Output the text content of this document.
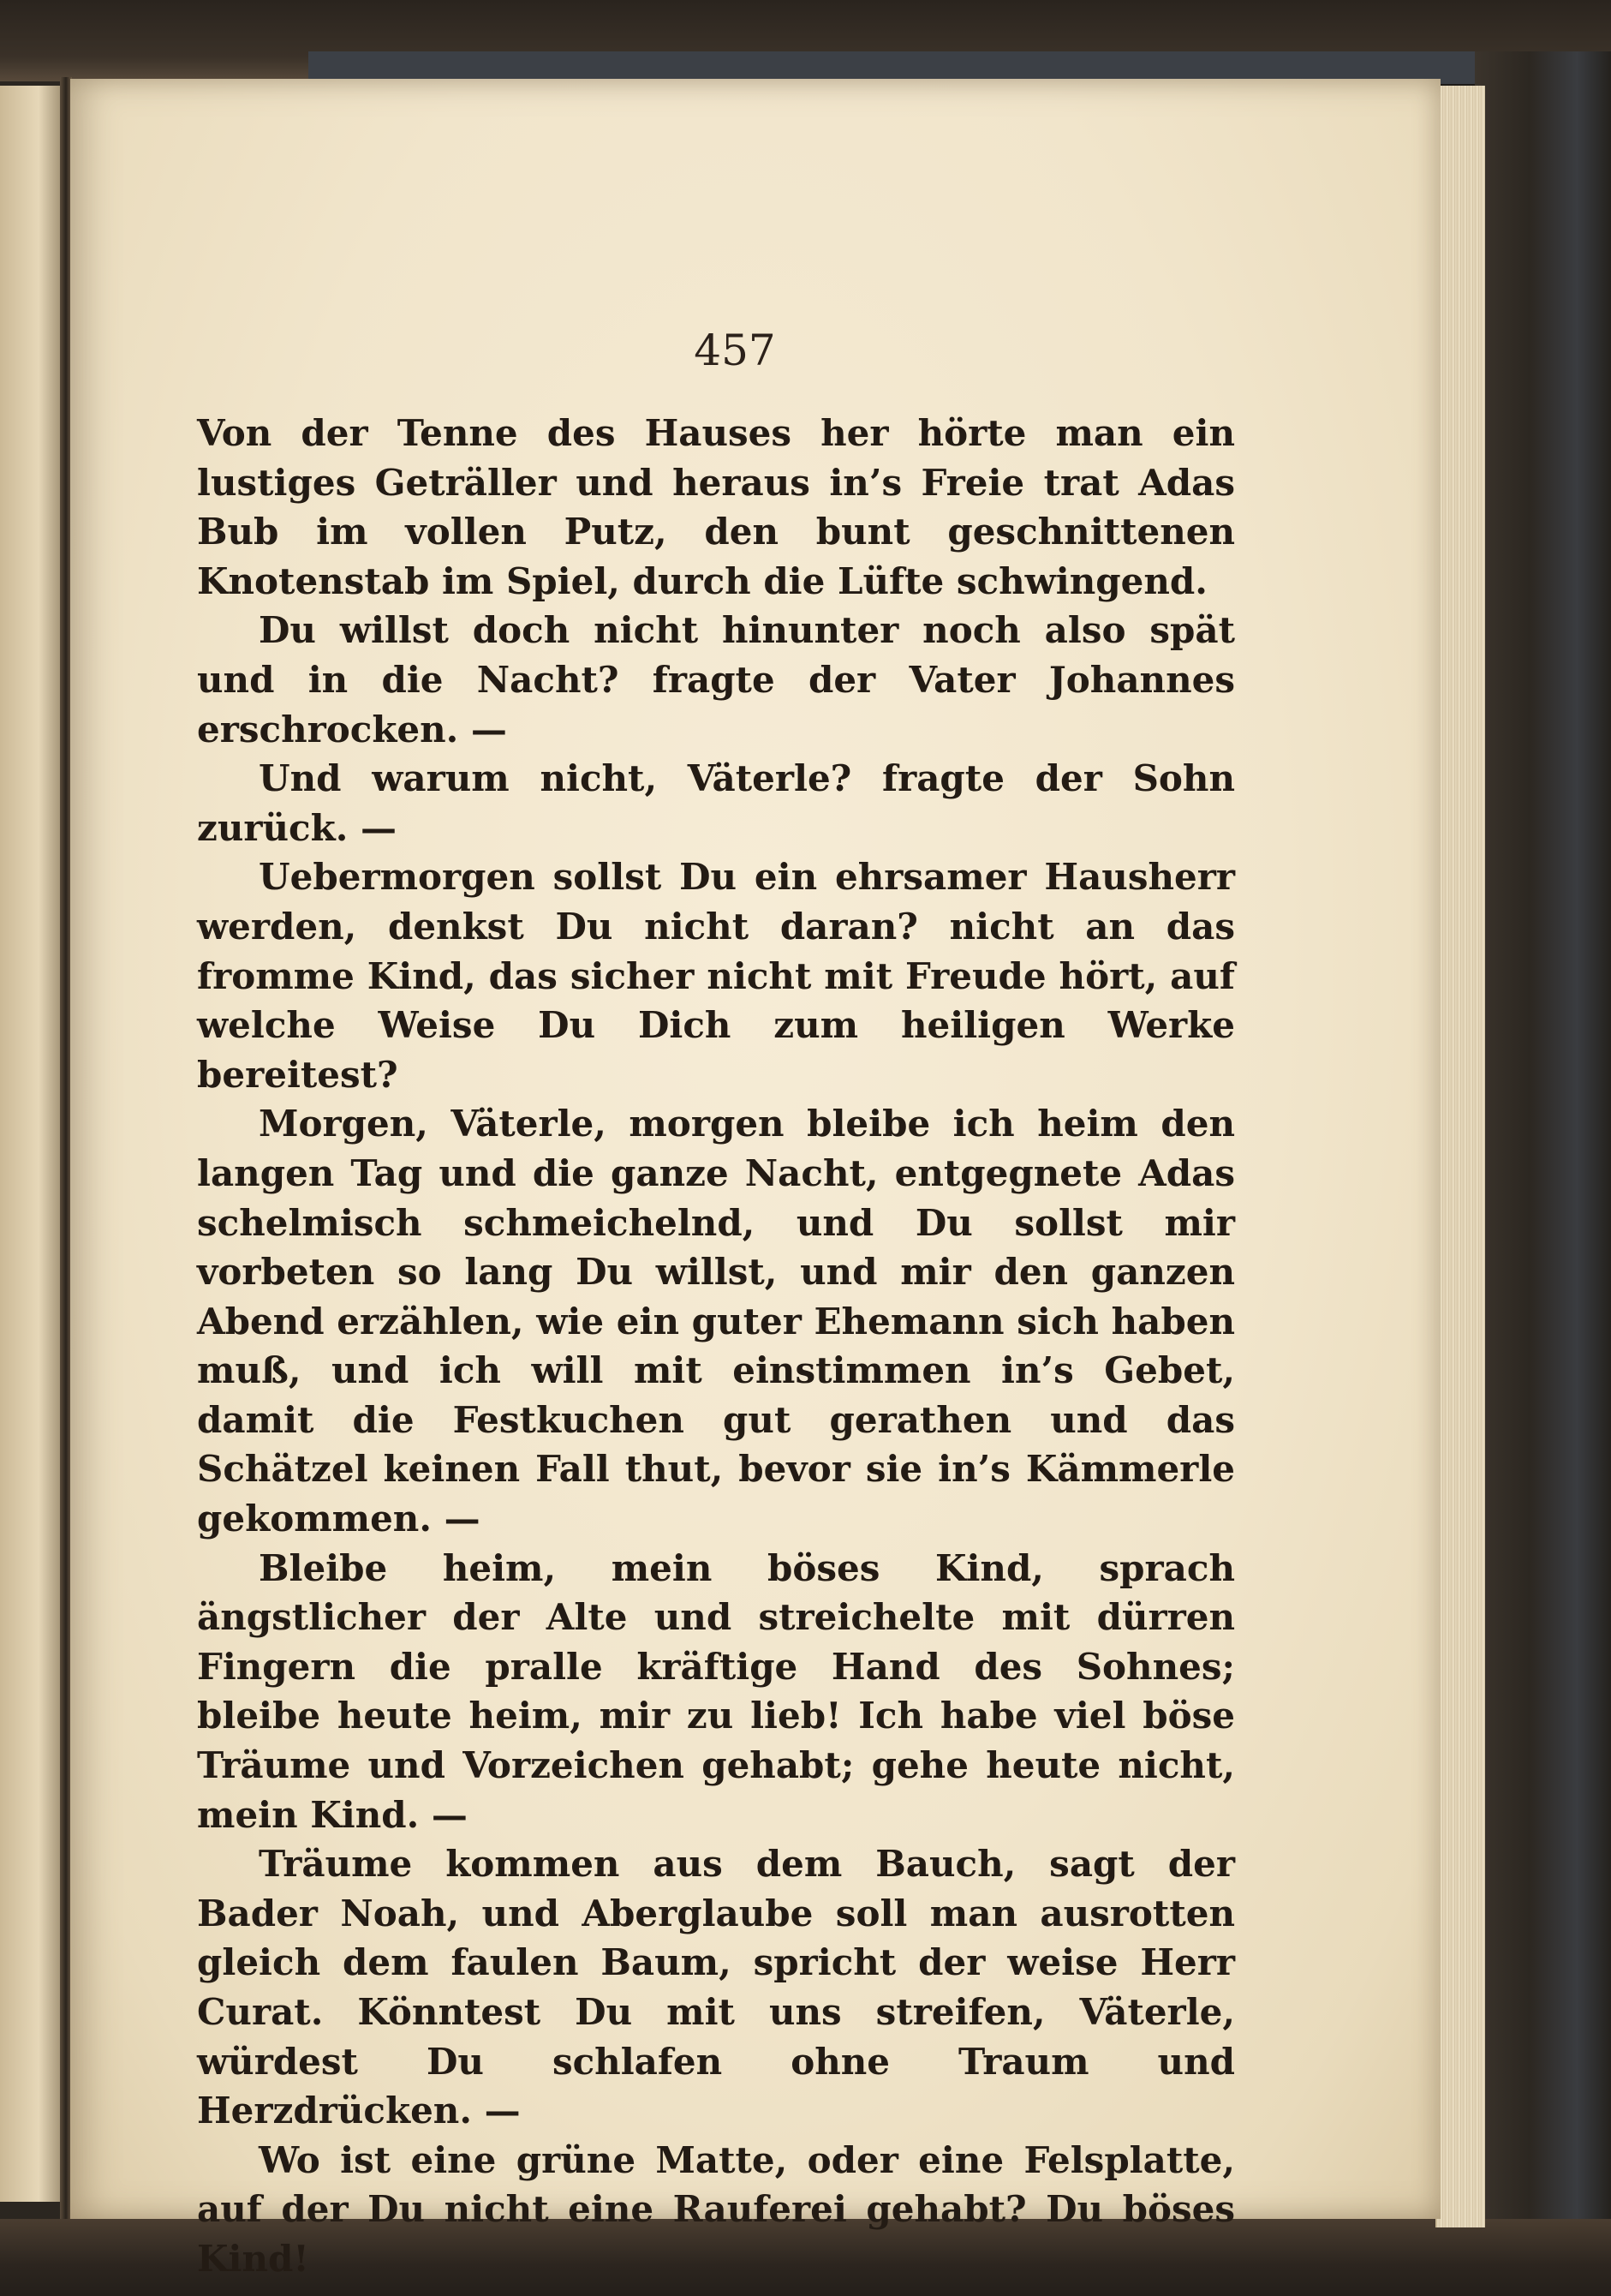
457

Von der Tenne des Hauses her hörte man ein lustiges Geträller und heraus in’s Freie trat Adas Bub im vollen Putz, den bunt geschnittenen Knotenstab im Spiel, durch die Lüfte schwingend.

Du willst doch nicht hinunter noch also spät und in die Nacht? fragte der Vater Johannes erschrocken. —

Und warum nicht, Väterle? fragte der Sohn zurück. —

Uebermorgen sollst Du ein ehrsamer Hausherr werden, denkst Du nicht daran? nicht an das fromme Kind, das sicher nicht mit Freude hört, auf welche Weise Du Dich zum heiligen Werke bereitest?

Morgen, Väterle, morgen bleibe ich heim den langen Tag und die ganze Nacht, entgegnete Adas schelmisch schmeichelnd, und Du sollst mir vorbeten so lang Du willst, und mir den ganzen Abend erzählen, wie ein guter Ehemann sich haben muß, und ich will mit einstimmen in’s Gebet, damit die Festkuchen gut gerathen und das Schätzel keinen Fall thut, bevor sie in’s Kämmerle gekommen. —

Bleibe heim, mein böses Kind, sprach ängstlicher der Alte und streichelte mit dürren Fingern die pralle kräftige Hand des Sohnes; bleibe heute heim, mir zu lieb! Ich habe viel böse Träume und Vorzeichen gehabt; gehe heute nicht, mein Kind. —

Träume kommen aus dem Bauch, sagt der Bader Noah, und Aberglaube soll man ausrotten gleich dem faulen Baum, spricht der weise Herr Curat. Könntest Du mit uns streifen, Väterle, würdest Du schlafen ohne Traum und Herzdrücken. —

Wo ist eine grüne Matte, oder eine Felsplatte, auf der Du nicht eine Rauferei gehabt? Du böses Kind!
